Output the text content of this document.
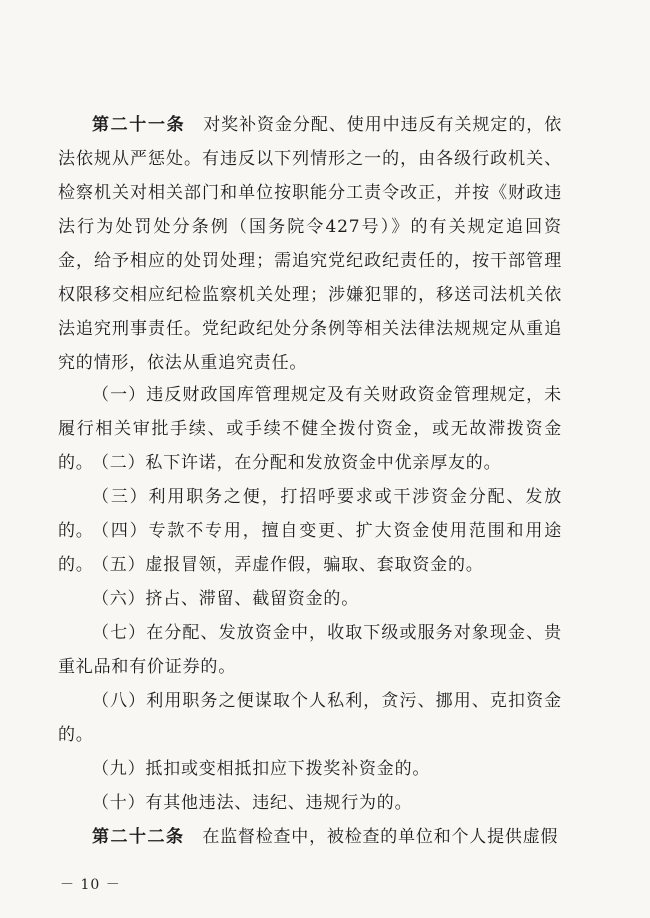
第二十一条  对奖补资金分配、使用中违反有关规定的，依法依规从严惩处。有违反以下列情形之一的，由各级行政机关、检察机关对相关部门和单位按职能分工责令改正，并按《财政违法行为处罚处分条例（国务院令427号）》的有关规定追回资金，给予相应的处罚处理；需追究党纪政纪责任的，按干部管理权限移交相应纪检监察机关处理；涉嫌犯罪的，移送司法机关依法追究刑事责任。党纪政纪处分条例等相关法律法规规定从重追究的情形，依法从重追究责任。

（一）违反财政国库管理规定及有关财政资金管理规定，未履行相关审批手续、或手续不健全拨付资金，或无故滞拨资金的。

（二）私下许诺，在分配和发放资金中优亲厚友的。

（三）利用职务之便，打招呼要求或干涉资金分配、发放的。

（四）专款不专用，擅自变更、扩大资金使用范围和用途的。

（五）虚报冒领，弄虚作假，骗取、套取资金的。

（六）挤占、滞留、截留资金的。

（七）在分配、发放资金中，收取下级或服务对象现金、贵重礼品和有价证券的。

（八）利用职务之便谋取个人私利，贪污、挪用、克扣资金的。

（九）抵扣或变相抵扣应下拨奖补资金的。

（十）有其他违法、违纪、违规行为的。

第二十二条  在监督检查中，被检查的单位和个人提供虚假

－ 10 －
